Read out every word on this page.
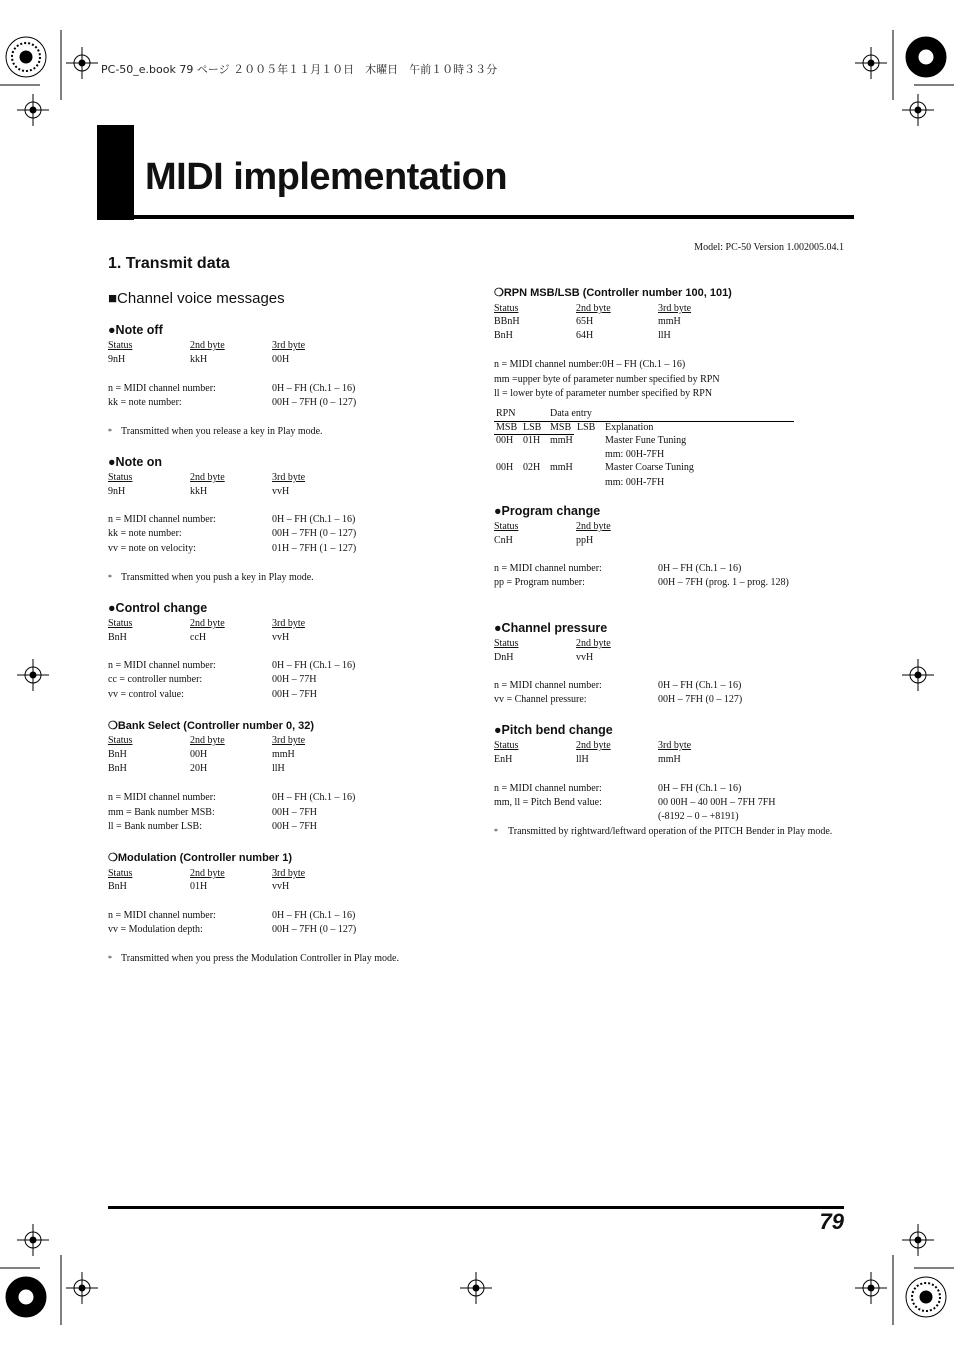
PC-50_e.book 79 ページ ２００５年１１月１０日　木曜日　午前１０時３３分
MIDI implementation
Model: PC-50 Version 1.002005.04.1
1. Transmit data
■Channel voice messages
●Note off
Status	2nd byte	3rd byte
9nH	kkH	00H
n = MIDI channel number:	0H – FH (Ch.1 – 16)
kk = note number:	00H – 7FH (0 – 127)
* Transmitted when you release a key in Play mode.
●Note on
Status	2nd byte	3rd byte
9nH	kkH	vvH
n = MIDI channel number:	0H – FH (Ch.1 – 16)
kk = note number:	00H – 7FH (0 – 127)
vv = note on velocity:	01H – 7FH (1 – 127)
* Transmitted when you push a key in Play mode.
●Control change
Status	2nd byte	3rd byte
BnH	ccH	vvH
n = MIDI channel number:	0H – FH (Ch.1 – 16)
cc = controller number:	00H – 77H
vv = control value:	00H – 7FH
❍Bank Select (Controller number 0, 32)
Status	2nd byte	3rd byte
BnH	00H	mmH
BnH	20H	llH
n = MIDI channel number:	0H – FH (Ch.1 – 16)
mm = Bank number MSB:	00H – 7FH
ll = Bank number LSB:	00H – 7FH
❍Modulation (Controller number 1)
Status	2nd byte	3rd byte
BnH	01H	vvH
n = MIDI channel number:	0H – FH (Ch.1 – 16)
vv = Modulation depth:	00H – 7FH (0 – 127)
* Transmitted when you press the Modulation Controller in Play mode.
❍RPN MSB/LSB (Controller number 100, 101)
Status	2nd byte	3rd byte
BBnH	65H	mmH
BnH	64H	llH
n = MIDI channel number:0H – FH (Ch.1 – 16)
mm =upper byte of parameter number specified by RPN
ll = lower byte of parameter number specified by RPN
RPN	Data entry
MSB LSB MSB LSB Explanation
00H 01H mmH	Master Fune Tuning
mm: 00H-7FH
00H 02H mmH	Master Coarse Tuning
mm: 00H-7FH
●Program change
Status	2nd byte
CnH	ppH
n = MIDI channel number:	0H – FH (Ch.1 – 16)
pp = Program number:	00H – 7FH (prog. 1 – prog. 128)
●Channel pressure
Status	2nd byte
DnH	vvH
n = MIDI channel number:	0H – FH (Ch.1 – 16)
vv = Channel pressure:	00H – 7FH (0 – 127)
●Pitch bend change
Status	2nd byte	3rd byte
EnH	llH	mmH
n = MIDI channel number:	0H – FH (Ch.1 – 16)
mm, ll = Pitch Bend value:	00 00H – 40 00H – 7FH 7FH
(-8192 – 0 – +8191)
* Transmitted by rightward/leftward operation of the PITCH Bender in Play mode.
79
